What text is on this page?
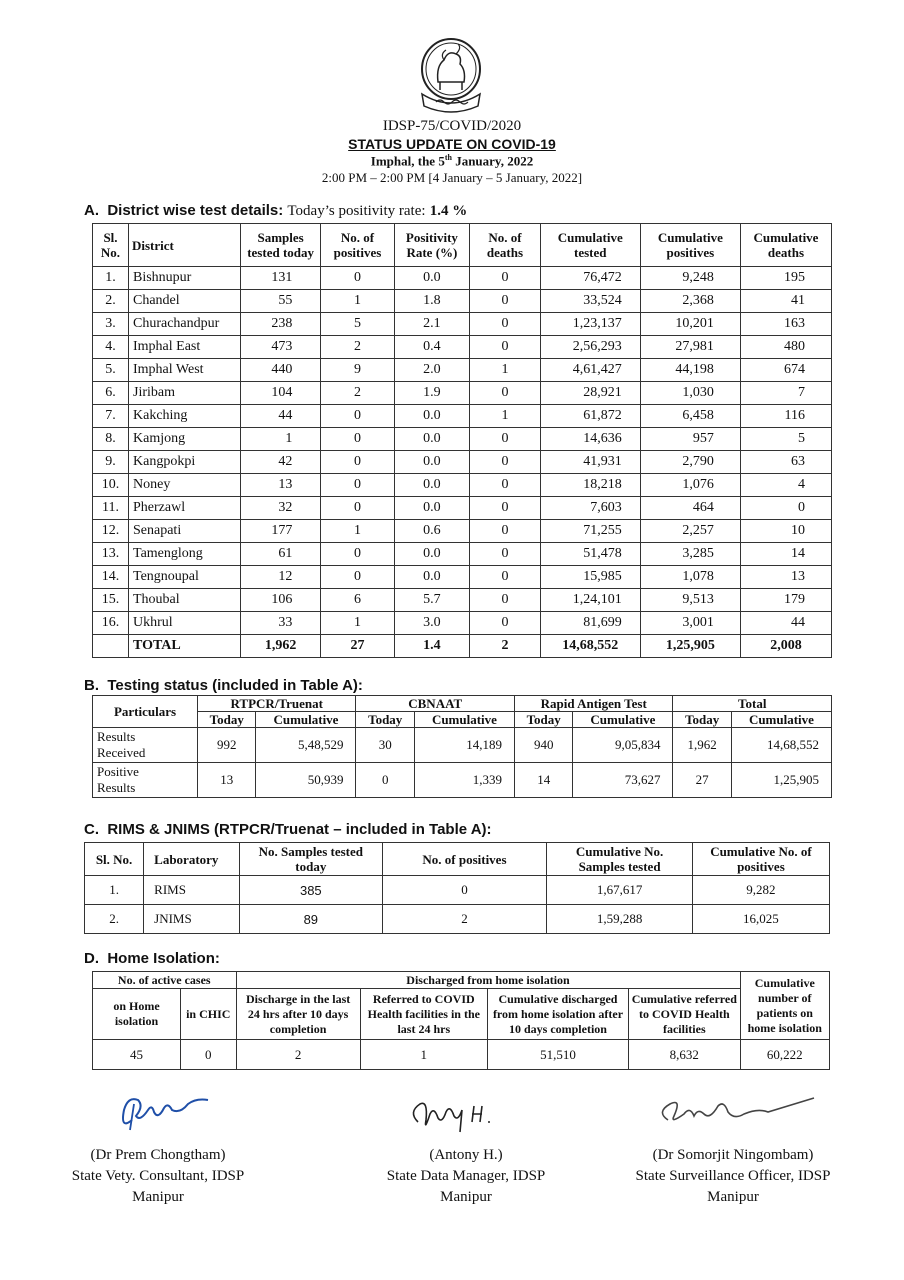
IDSP-75/COVID/2020
STATUS UPDATE ON COVID-19
Imphal, the 5th January, 2022
2:00 PM – 2:00 PM [4 January – 5 January, 2022]
A. District wise test details: Today’s positivity rate: 1.4 %
Sl. No.	District	Samples tested today	No. of positives	Positivity Rate (%)	No. of deaths	Cumulative tested	Cumulative positives	Cumulative deaths
1.	Bishnupur	131	0	0.0	0	76,472	9,248	195
2.	Chandel	55	1	1.8	0	33,524	2,368	41
3.	Churachandpur	238	5	2.1	0	1,23,137	10,201	163
4.	Imphal East	473	2	0.4	0	2,56,293	27,981	480
5.	Imphal West	440	9	2.0	1	4,61,427	44,198	674
6.	Jiribam	104	2	1.9	0	28,921	1,030	7
7.	Kakching	44	0	0.0	1	61,872	6,458	116
8.	Kamjong	1	0	0.0	0	14,636	957	5
9.	Kangpokpi	42	0	0.0	0	41,931	2,790	63
10.	Noney	13	0	0.0	0	18,218	1,076	4
11.	Pherzawl	32	0	0.0	0	7,603	464	0
12.	Senapati	177	1	0.6	0	71,255	2,257	10
13.	Tamenglong	61	0	0.0	0	51,478	3,285	14
14.	Tengnoupal	12	0	0.0	0	15,985	1,078	13
15.	Thoubal	106	6	5.7	0	1,24,101	9,513	179
16.	Ukhrul	33	1	3.0	0	81,699	3,001	44
	TOTAL	1,962	27	1.4	2	14,68,552	1,25,905	2,008
B. Testing status (included in Table A):
Particulars	RTPCR/Truenat		CBNAAT		Rapid Antigen Test		Total	
	Today	Cumulative	Today	Cumulative	Today	Cumulative	Today	Cumulative

Results
Received	992	5,48,529	30	14,189	940	9,05,834	1,962	14,68,552

Positive
Results	13	50,939	0	1,339	14	73,627	27	1,25,905
C. RIMS & JNIMS (RTPCR/Truenat – included in Table A):
Sl. No.	Laboratory	No. Samples tested today	No. of positives	Cumulative No. Samples tested	Cumulative No. of positives
1.	RIMS	385	0	1,67,617	9,282
2.	JNIMS	89	2	1,59,288	16,025
D. Home Isolation:
No. of active cases		Discharged from home isolation				Cumulative number of patients on home isolation
on Home isolation	in CHIC	Discharge in the last 24 hrs after 10 days completion	Referred to COVID Health facilities in the last 24 hrs	Cumulative discharged from home isolation after 10 days completion	Cumulative referred to COVID Health facilities	
45	0	2	1	51,510	8,632	60,222
(Dr Prem Chongtham)
State Vety. Consultant, IDSP
Manipur
(Antony H.)
State Data Manager, IDSP
Manipur
(Dr Somorjit Ningombam)
State Surveillance Officer, IDSP
Manipur
